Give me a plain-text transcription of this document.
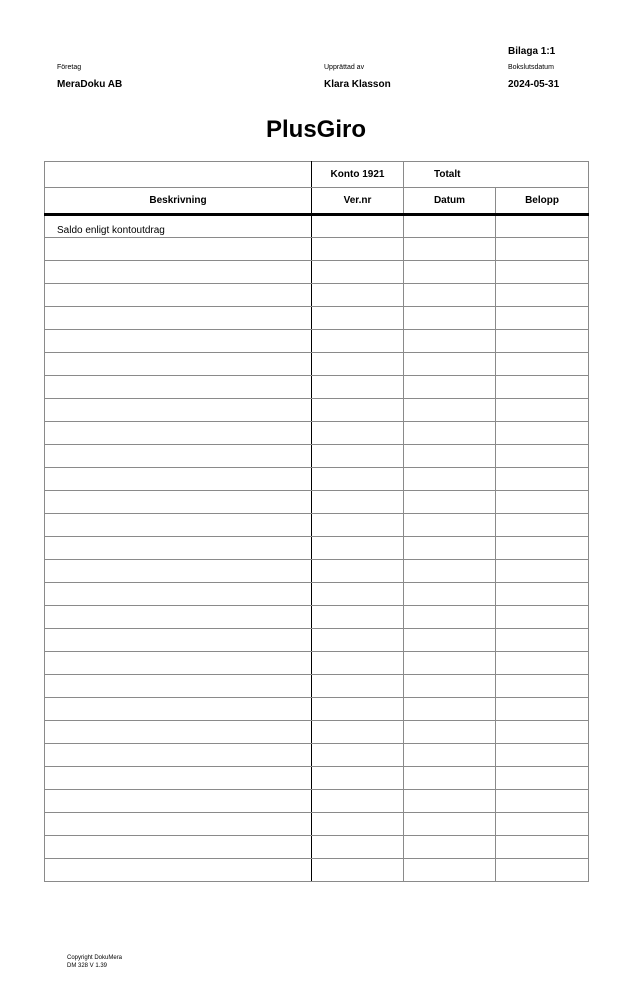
Bilaga 1:1
Företag
MeraDoku AB
Upprättad av
Klara Klasson
Bokslutsdatum
2024-05-31
PlusGiro
	Konto 1921	Totalt	
Beskrivning	Ver.nr	Datum	Belopp
Saldo enligt kontoutdrag			

Copyright DokuMera
DM 328 V 1.39
